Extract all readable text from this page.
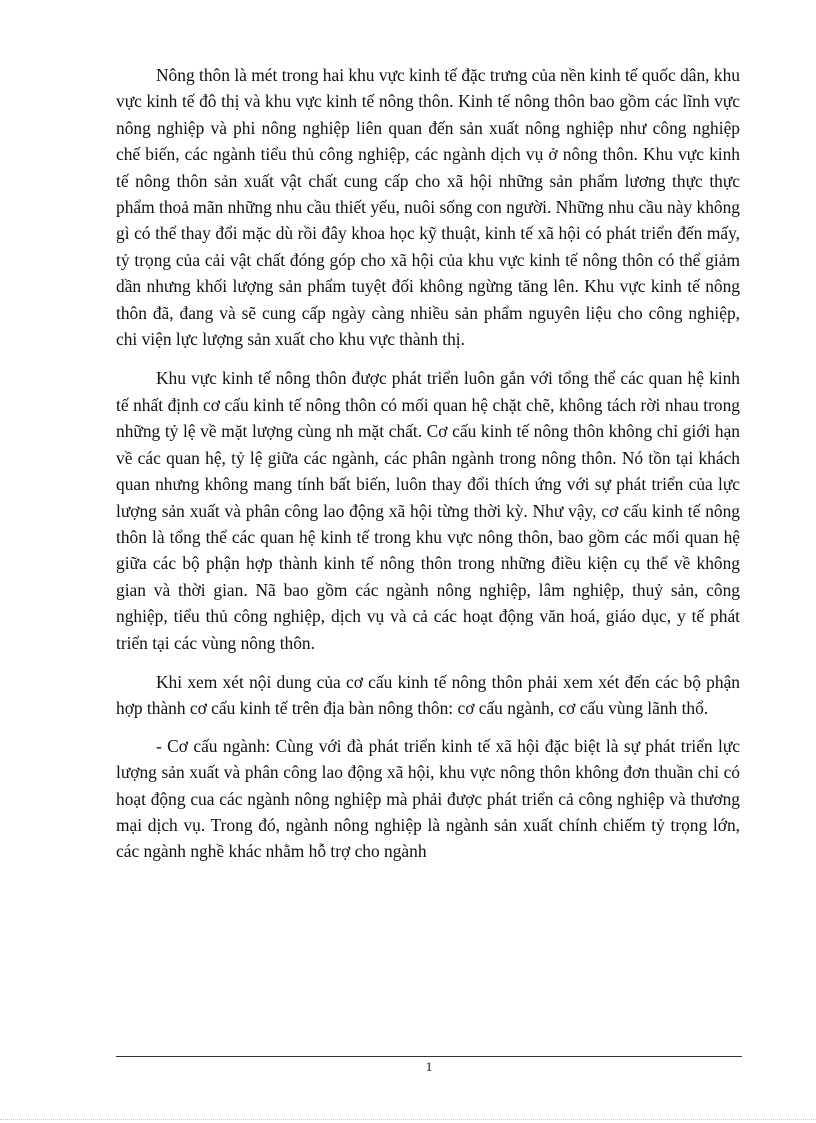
Nông thôn là mét trong hai khu vực kinh tế đặc trưng của nền kinh tế quốc dân, khu vực kinh tế đô thị và khu vực kinh tế nông thôn. Kinh tế nông thôn bao gồm các lĩnh vực nông nghiệp và phi nông nghiệp liên quan đến sản xuất nông nghiệp như công nghiệp chế biến, các ngành tiểu thủ công nghiệp, các ngành dịch vụ ở nông thôn. Khu vực kinh tế nông thôn sản xuất vật chất cung cấp cho xã hội những sản phẩm lương thực thực phẩm thoả mãn những nhu cầu thiết yếu, nuôi sống con người. Những nhu cầu này không gì có thể thay đổi mặc dù rồi đây khoa học kỹ thuật, kinh tế xã hội có phát triển đến mấy, tỷ trọng của cải vật chất đóng góp cho xã hội của khu vực kinh tế nông thôn có thể giảm dần nhưng khối lượng sản phẩm tuyệt đối không ngừng tăng lên. Khu vực kinh tế nông thôn đã, đang và sẽ cung cấp ngày càng nhiều sản phẩm nguyên liệu cho công nghiệp, chi viện lực lượng sản xuất cho khu vực thành thị.

Khu vực kinh tế nông thôn được phát triển luôn gắn với tổng thể các quan hệ kinh tế nhất định cơ cấu kinh tế nông thôn có mối quan hệ chặt chẽ, không tách rời nhau trong những tỷ lệ về mặt lượng cùng nh mặt chất. Cơ cấu kinh tế nông thôn không chỉ giới hạn về các quan hệ, tỷ lệ giữa các ngành, các phân ngành trong nông thôn. Nó tồn tại khách quan nhưng không mang tính bất biến, luôn thay đổi thích ứng với sự phát triển của lực lượng sản xuất và phân công lao động xã hội từng thời kỳ. Như vậy, cơ cấu kinh tế nông thôn là tổng thể các quan hệ kinh tế trong khu vực nông thôn, bao gồm các mối quan hệ giữa các bộ phận hợp thành kinh tế nông thôn trong những điều kiện cụ thể về không gian và thời gian. Nã bao gồm các ngành nông nghiệp, lâm nghiệp, thuỷ sản, công nghiệp, tiểu thủ công nghiệp, dịch vụ và cả các hoạt động văn hoá, giáo dục, y tế phát triển tại các vùng nông thôn.

Khi xem xét nội dung của cơ cấu kinh tế nông thôn phải xem xét đến các bộ phận hợp thành cơ cấu kinh tế trên địa bàn nông thôn: cơ cấu ngành, cơ cấu vùng lãnh thổ.

- Cơ cấu ngành: Cùng với đà phát triển kinh tế xã hội đặc biệt là sự phát triển lực lượng sản xuất và phân công lao động xã hội, khu vực nông thôn không đơn thuần chỉ có hoạt động cua các ngành nông nghiệp mà phải được phát triển cả công nghiệp và thương mại dịch vụ. Trong đó, ngành nông nghiệp là ngành sản xuất chính chiếm tỷ trọng lớn, các ngành nghề khác nhằm hỗ trợ cho ngành

1
